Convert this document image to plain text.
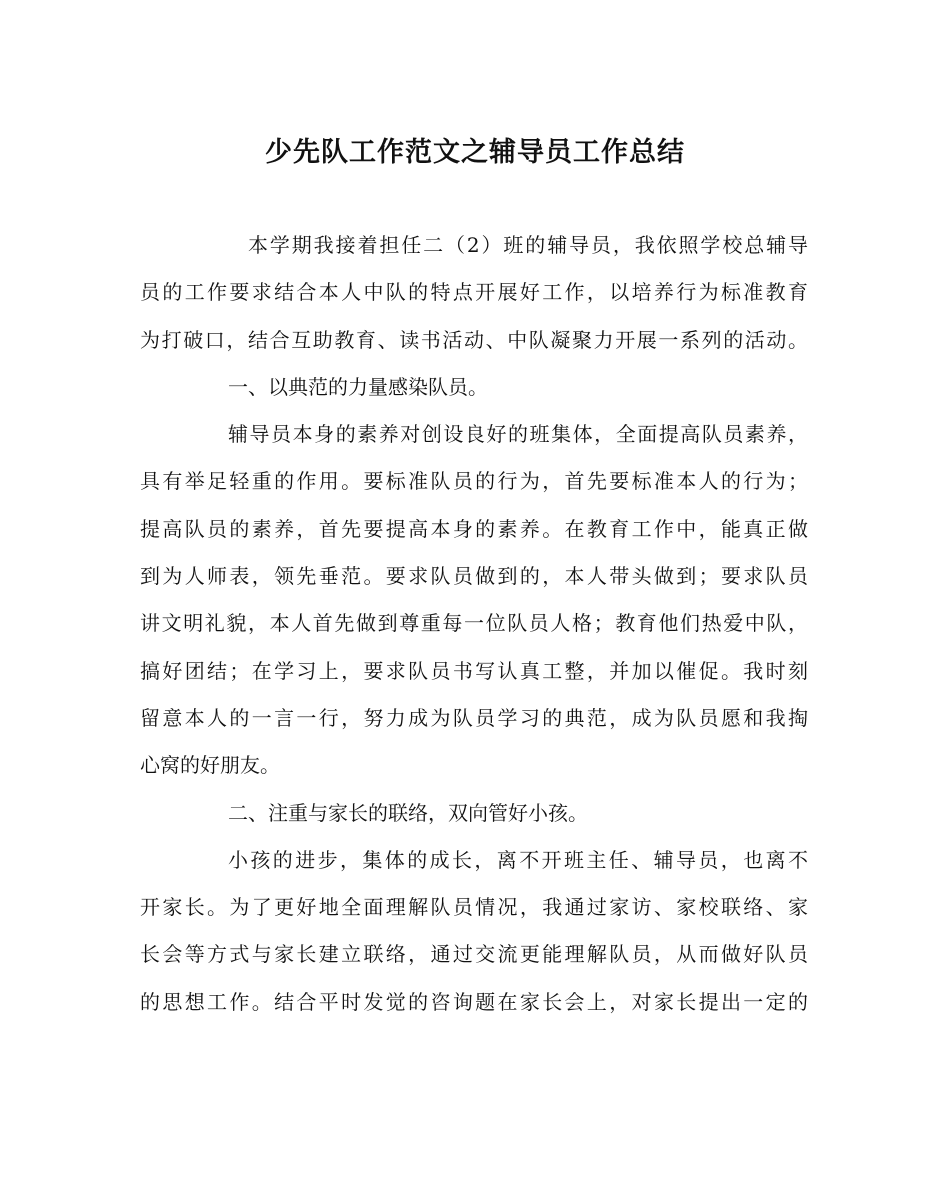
少先队工作范文之辅导员工作总结
本学期我接着担任二（2）班的辅导员，我依照学校总辅导
员的工作要求结合本人中队的特点开展好工作，以培养行为标准教育
为打破口，结合互助教育、读书活动、中队凝聚力开展一系列的活动。
一、以典范的力量感染队员。
辅导员本身的素养对创设良好的班集体，全面提高队员素养，
具有举足轻重的作用。要标准队员的行为，首先要标准本人的行为；
提高队员的素养，首先要提高本身的素养。在教育工作中，能真正做
到为人师表，领先垂范。要求队员做到的，本人带头做到；要求队员
讲文明礼貌，本人首先做到尊重每一位队员人格；教育他们热爱中队，
搞好团结；在学习上，要求队员书写认真工整，并加以催促。我时刻
留意本人的一言一行，努力成为队员学习的典范，成为队员愿和我掏
心窝的好朋友。
二、注重与家长的联络，双向管好小孩。
小孩的进步，集体的成长，离不开班主任、辅导员，也离不
开家长。为了更好地全面理解队员情况，我通过家访、家校联络、家
长会等方式与家长建立联络，通过交流更能理解队员，从而做好队员
的思想工作。结合平时发觉的咨询题在家长会上，对家长提出一定的
